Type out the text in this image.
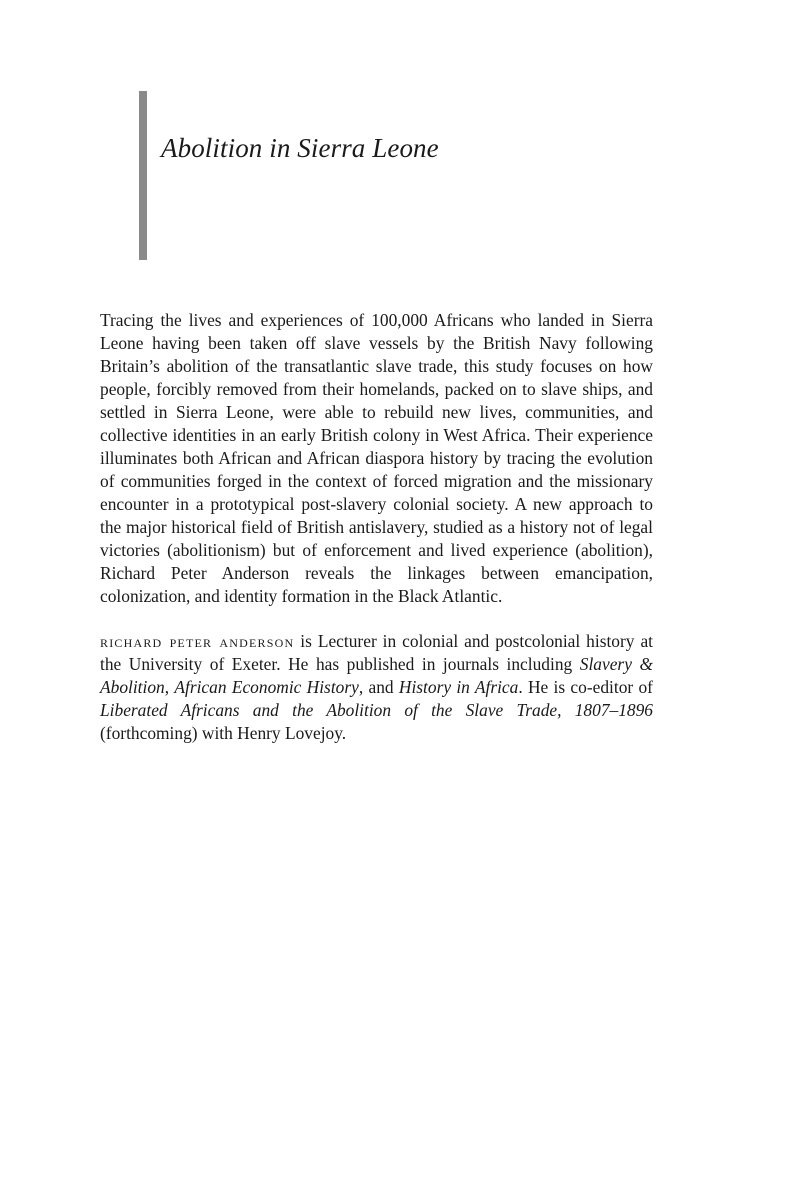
Abolition in Sierra Leone

Tracing the lives and experiences of 100,000 Africans who landed in Sierra Leone having been taken off slave vessels by the British Navy following Britain’s abolition of the transatlantic slave trade, this study focuses on how people, forcibly removed from their homelands, packed on to slave ships, and settled in Sierra Leone, were able to rebuild new lives, communities, and collective identities in an early British colony in West Africa. Their experience illuminates both African and African diaspora history by tracing the evolution of communities forged in the context of forced migration and the missionary encounter in a prototypical post-slavery colonial society. A new approach to the major historical field of British antislavery, studied as a history not of legal victories (abolitionism) but of enforcement and lived experience (abolition), Richard Peter Anderson reveals the linkages between emancipation, colonization, and identity formation in the Black Atlantic.

richard peter anderson is Lecturer in colonial and postcolonial history at the University of Exeter. He has published in journals including Slavery & Abolition, African Economic History, and History in Africa. He is co-editor of Liberated Africans and the Abolition of the Slave Trade, 1807–1896 (forthcoming) with Henry Lovejoy.
